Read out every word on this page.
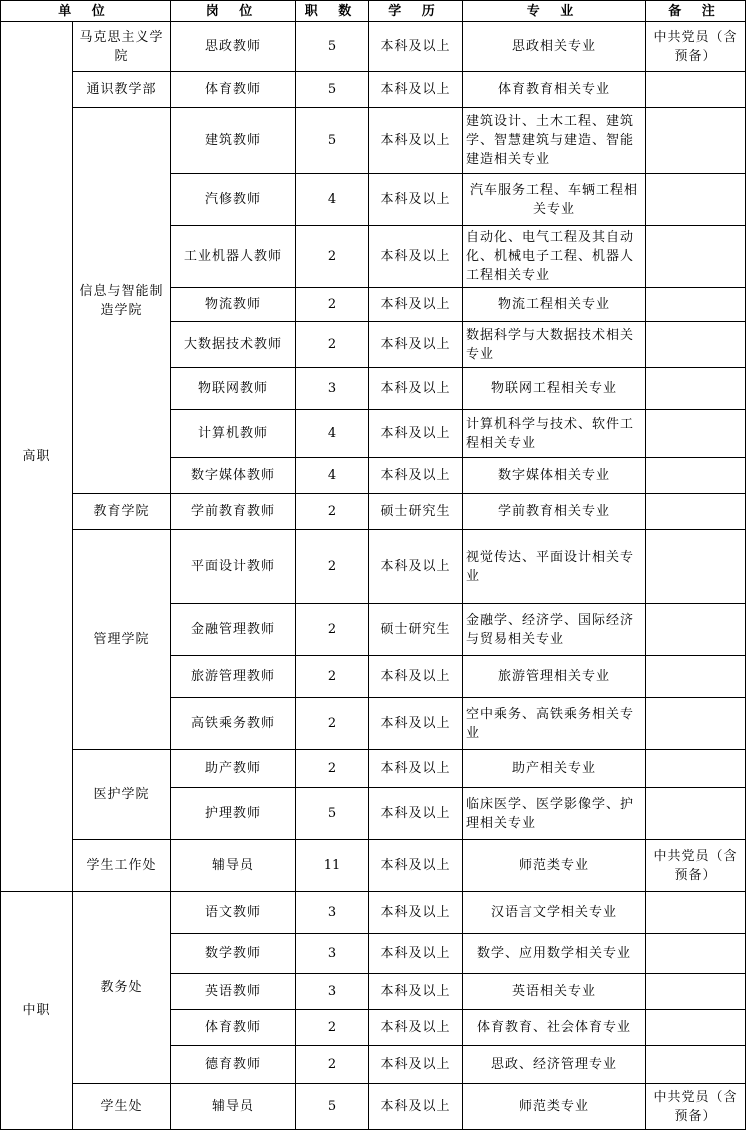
单 位		岗 位	职 数	学 历	专 业	备 注
高职	马克思主义学院	思政教师	5	本科及以上	思政相关专业	中共党员（含预备）
	通识教学部	体育教师	5	本科及以上	体育教育相关专业	
	信息与智能制造学院	建筑教师	5	本科及以上	建筑设计、土木工程、建筑学、智慧建筑与建造、智能建造相关专业	
		汽修教师	4	本科及以上	汽车服务工程、车辆工程相关专业	
		工业机器人教师	2	本科及以上	自动化、电气工程及其自动化、机械电子工程、机器人工程相关专业	
		物流教师	2	本科及以上	物流工程相关专业	
		大数据技术教师	2	本科及以上	数据科学与大数据技术相关专业	
		物联网教师	3	本科及以上	物联网工程相关专业	
		计算机教师	4	本科及以上	计算机科学与技术、软件工程相关专业	
		数字媒体教师	4	本科及以上	数字媒体相关专业	
	教育学院	学前教育教师	2	硕士研究生	学前教育相关专业	
	管理学院	平面设计教师	2	本科及以上	视觉传达、平面设计相关专业	
		金融管理教师	2	硕士研究生	金融学、经济学、国际经济与贸易相关专业	
		旅游管理教师	2	本科及以上	旅游管理相关专业	
		高铁乘务教师	2	本科及以上	空中乘务、高铁乘务相关专业	
	医护学院	助产教师	2	本科及以上	助产相关专业	
		护理教师	5	本科及以上	临床医学、医学影像学、护理相关专业	
	学生工作处	辅导员	11	本科及以上	师范类专业	中共党员（含预备）
中职	教务处	语文教师	3	本科及以上	汉语言文学相关专业	
		数学教师	3	本科及以上	数学、应用数学相关专业	
		英语教师	3	本科及以上	英语相关专业	
		体育教师	2	本科及以上	体育教育、社会体育专业	
		德育教师	2	本科及以上	思政、经济管理专业	
	学生处	辅导员	5	本科及以上	师范类专业	中共党员（含预备）
